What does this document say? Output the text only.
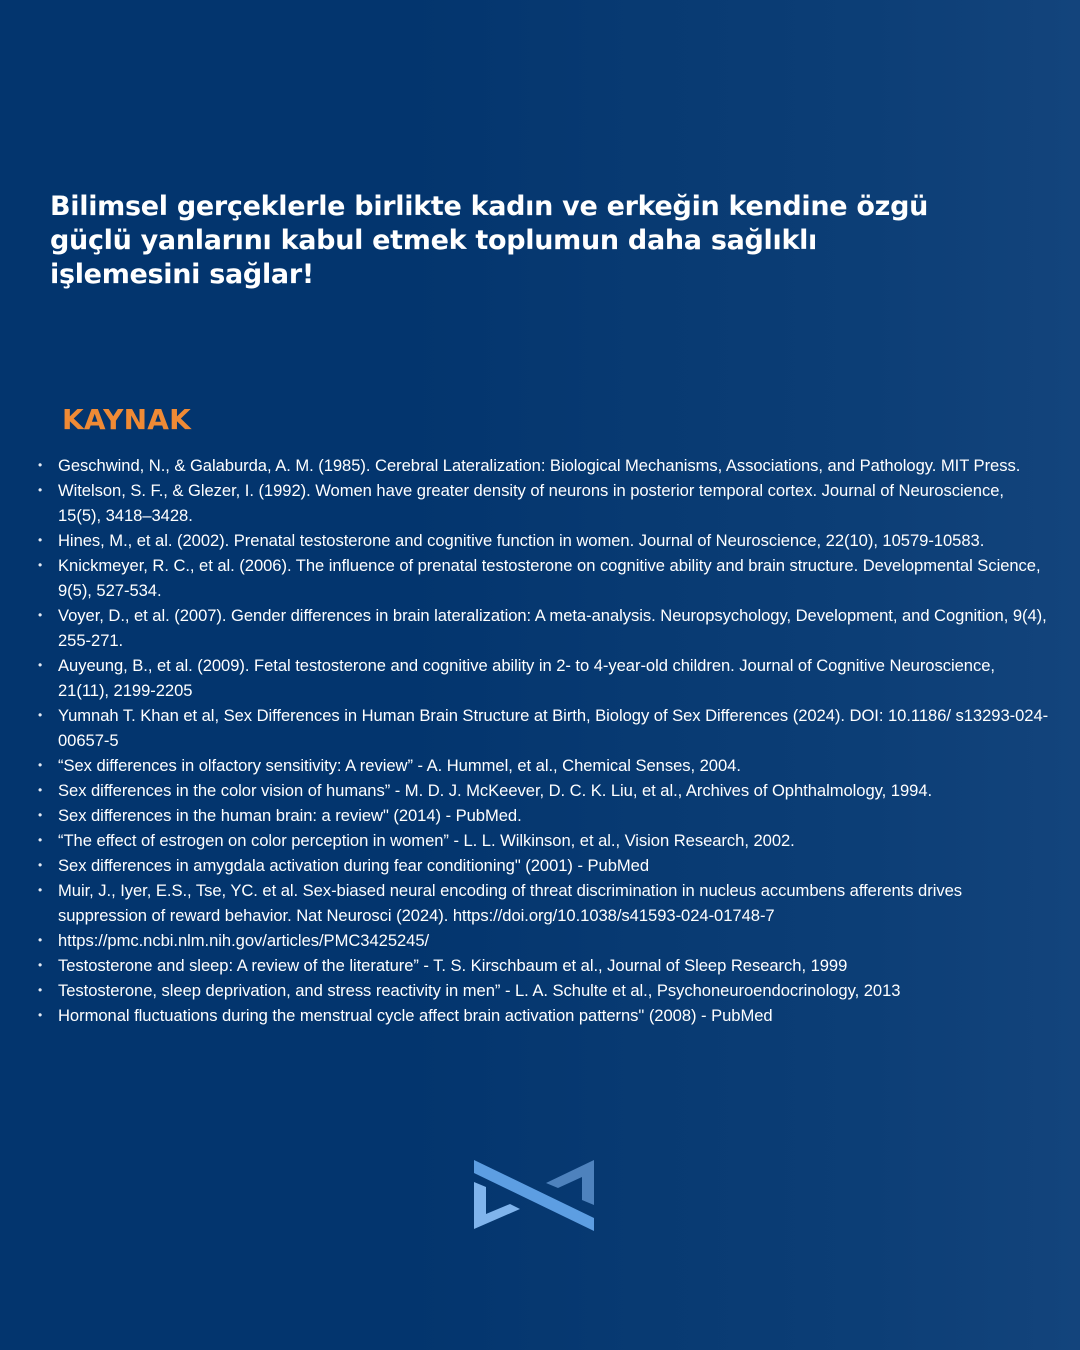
Bilimsel gerçeklerle birlikte kadın ve erkeğin kendine özgü
güçlü yanlarını kabul etmek toplumun daha sağlıklı
işlemesini sağlar!
KAYNAK
• Geschwind, N., & Galaburda, A. M. (1985). Cerebral Lateralization: Biological Mechanisms, Associations, and Pathology. MIT Press.
• Witelson, S. F., & Glezer, I. (1992). Women have greater density of neurons in posterior temporal cortex. Journal of Neuroscience, 15(5), 3418–3428.
• Hines, M., et al. (2002). Prenatal testosterone and cognitive function in women. Journal of Neuroscience, 22(10), 10579-10583.
• Knickmeyer, R. C., et al. (2006). The influence of prenatal testosterone on cognitive ability and brain structure. Developmental Science, 9(5), 527-534.
• Voyer, D., et al. (2007). Gender differences in brain lateralization: A meta-analysis. Neuropsychology, Development, and Cognition, 9(4), 255-271.
• Auyeung, B., et al. (2009). Fetal testosterone and cognitive ability in 2- to 4-year-old children. Journal of Cognitive Neuroscience, 21(11), 2199-2205
• Yumnah T. Khan et al, Sex Differences in Human Brain Structure at Birth, Biology of Sex Differences (2024). DOI: 10.1186/ s13293-024-00657-5
• “Sex differences in olfactory sensitivity: A review” - A. Hummel, et al., Chemical Senses, 2004.
• Sex differences in the color vision of humans” - M. D. J. McKeever, D. C. K. Liu, et al., Archives of Ophthalmology, 1994.
• Sex differences in the human brain: a review" (2014) - PubMed.
• “The effect of estrogen on color perception in women” - L. L. Wilkinson, et al., Vision Research, 2002.
• Sex differences in amygdala activation during fear conditioning" (2001) - PubMed
• Muir, J., Iyer, E.S., Tse, YC. et al. Sex-biased neural encoding of threat discrimination in nucleus accumbens afferents drives suppression of reward behavior. Nat Neurosci (2024). https://doi.org/10.1038/s41593-024-01748-7
• https://pmc.ncbi.nlm.nih.gov/articles/PMC3425245/
• Testosterone and sleep: A review of the literature” - T. S. Kirschbaum et al., Journal of Sleep Research, 1999
• Testosterone, sleep deprivation, and stress reactivity in men” - L. A. Schulte et al., Psychoneuroendocrinology, 2013
• Hormonal fluctuations during the menstrual cycle affect brain activation patterns" (2008) - PubMed
